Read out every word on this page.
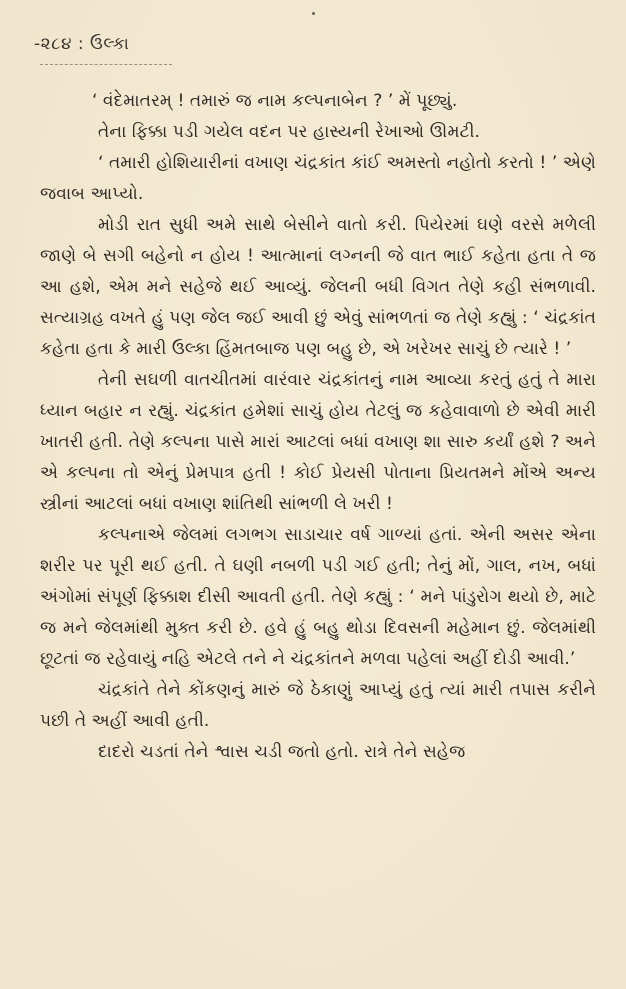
-૨૮૪ : ઉલ્કા

‘ વંદેમાતરમ્ ! તમારું જ નામ કલ્પનાબેન ? ’ મેં પૂછ્યું.

તેના ફિક્કા પડી ગયેલ વદન પર હાસ્યની રેખાઓ ઊમટી.

‘ તમારી હોશિયારીનાં વખાણ ચંદ્રકાંત કાંઈ અમસ્તો નહોતો કરતો ! ’ એણે જવાબ આપ્યો.

મોડી રાત સુધી અમે સાથે બેસીને વાતો કરી. પિયેરમાં ઘણે વરસે મળેલી જાણે બે સગી બહેનો ન હોય ! આત્માનાં લગ્નની જે વાત ભાઈ કહેતા હતા તે જ આ હશે, એમ મને સહેજે થઈ આવ્યું. જેલની બધી વિગત તેણે કહી સંભળાવી. સત્યાગ્રહ વખતે હું પણ જેલ જઈ આવી છું એવું સાંભળતાં જ તેણે કહ્યું : ‘ ચંદ્રકાંત કહેતા હતા કે મારી ઉલ્કા હિંમતબાજ પણ બહુ છે, એ ખરેખર સાચું છે ત્યારે ! ’

તેની સઘળી વાતચીતમાં વારંવાર ચંદ્રકાંતનું નામ આવ્યા કરતું હતું તે મારા ધ્યાન બહાર ન રહ્યું. ચંદ્રકાંત હમેશાં સાચું હોય તેટલું જ કહેવાવાળો છે એવી મારી ખાતરી હતી. તેણે કલ્પના પાસે મારાં આટલાં બધાં વખાણ શા સારુ કર્યાં હશે ? અને એ કલ્પના તો એનું પ્રેમપાત્ર હતી ! કોઈ પ્રેયસી પોતાના પ્રિયતમને મોંએ અન્ય સ્ત્રીનાં આટલાં બધાં વખાણ શાંતિથી સાંભળી લે ખરી !

કલ્પનાએ જેલમાં લગભગ સાડાચાર વર્ષ ગાળ્યાં હતાં. એની અસર એના શરીર પર પૂરી થઈ હતી. તે ઘણી નબળી પડી ગઈ હતી; તેનું મોં, ગાલ, નખ, બધાં અંગોમાં સંપૂર્ણ ફિક્કાશ દીસી આવતી હતી. તેણે કહ્યું : ‘ મને પાંડુરોગ થયો છે, માટે જ મને જેલમાંથી મુક્ત કરી છે. હવે હું બહુ થોડા દિવસની મહેમાન છું. જેલમાંથી છૂટતાં જ રહેવાયું નહિ એટલે તને ને ચંદ્રકાંતને મળવા પહેલાં અહીં દોડી આવી.’

ચંદ્રકાંતે તેને કોંકણનું મારું જે ઠેકાણું આપ્યું હતું ત્યાં મારી તપાસ કરીને પછી તે અહીં આવી હતી.

દાદરો ચડતાં તેને શ્વાસ ચડી જતો હતો. રાત્રે તેને સહેજ
